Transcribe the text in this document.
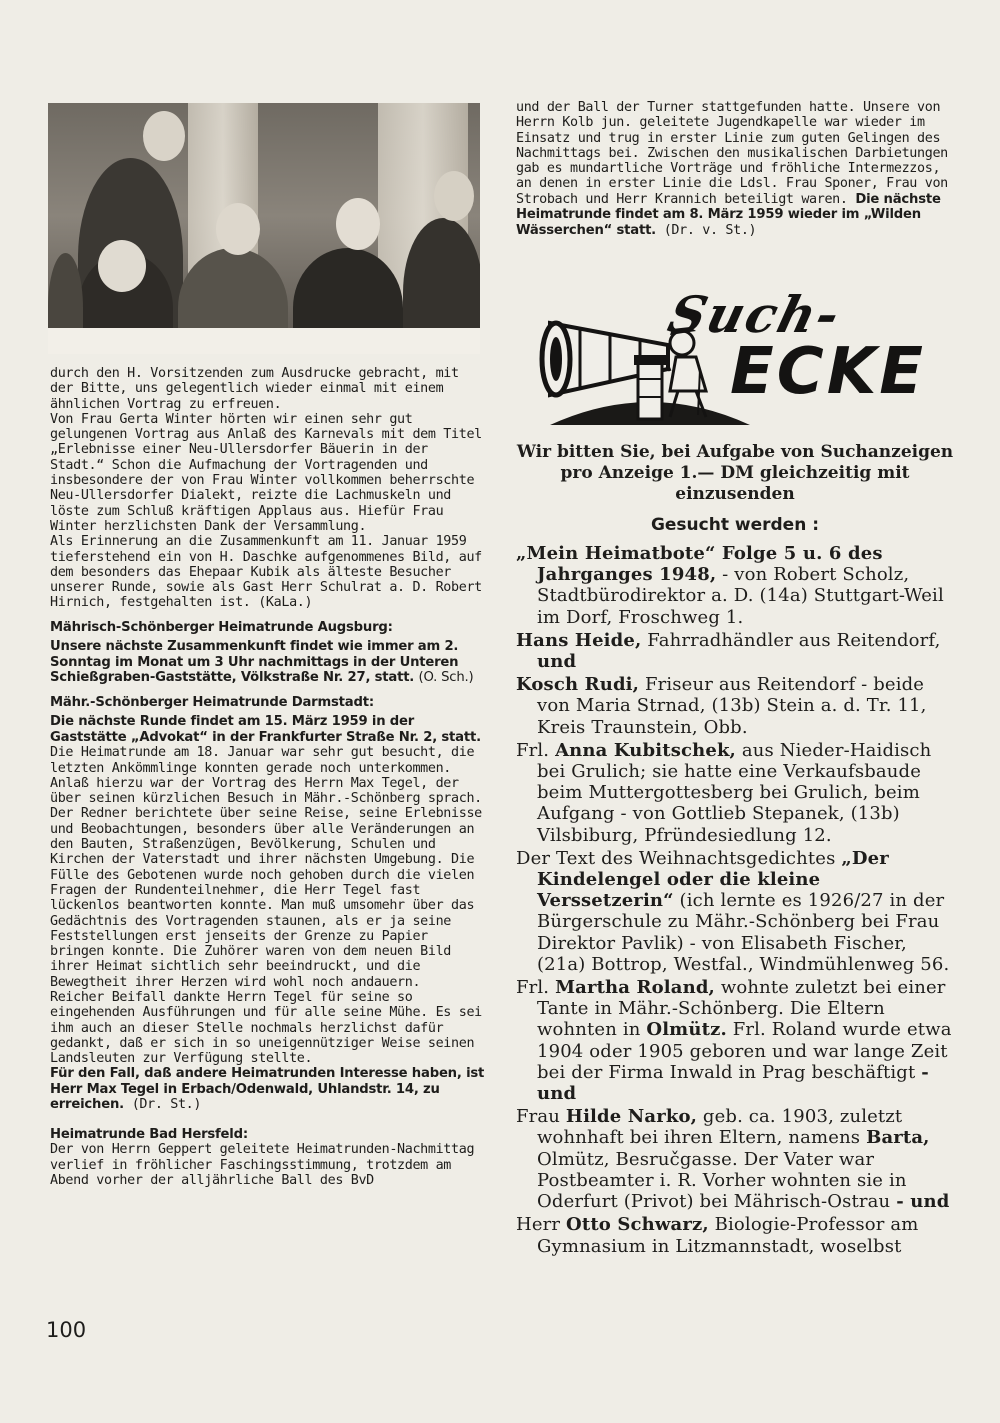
durch den H. Vorsitzenden zum Ausdrucke gebracht, mit der Bitte, uns gelegentlich wieder einmal mit einem ähnlichen Vortrag zu erfreuen.

Von Frau Gerta Winter hörten wir einen sehr gut gelungenen Vortrag aus Anlaß des Karnevals mit dem Titel „Erlebnisse einer Neu-Ullersdorfer Bäuerin in der Stadt.“ Schon die Aufmachung der Vortragenden und insbesondere der von Frau Winter vollkommen beherrschte Neu-Ullersdorfer Dialekt, reizte die Lachmuskeln und löste zum Schluß kräftigen Applaus aus. Hiefür Frau Winter herzlichsten Dank der Versammlung.

Als Erinnerung an die Zusammenkunft am 11. Januar 1959 tieferstehend ein von H. Daschke aufgenommenes Bild, auf dem besonders das Ehepaar Kubik als älteste Besucher unserer Runde, sowie als Gast Herr Schulrat a. D. Robert Hirnich, festgehalten ist. (KaLa.)

Mährisch-Schönberger Heimatrunde Augsburg:

Unsere nächste Zusammenkunft findet wie immer am 2. Sonntag im Monat um 3 Uhr nachmittags in der Unteren Schießgraben-Gaststätte, Völkstraße Nr. 27, statt. (O. Sch.)

Mähr.-Schönberger Heimatrunde Darmstadt:

Die nächste Runde findet am 15. März 1959 in der Gaststätte „Advokat“ in der Frankfurter Straße Nr. 2, statt.

Die Heimatrunde am 18. Januar war sehr gut besucht, die letzten Ankömmlinge konnten gerade noch unterkommen. Anlaß hierzu war der Vortrag des Herrn Max Tegel, der über seinen kürzlichen Besuch in Mähr.-Schönberg sprach. Der Redner berichtete über seine Reise, seine Erlebnisse und Beobachtungen, besonders über alle Veränderungen an den Bauten, Straßenzügen, Bevölkerung, Schulen und Kirchen der Vaterstadt und ihrer nächsten Umgebung. Die Fülle des Gebotenen wurde noch gehoben durch die vielen Fragen der Rundenteilnehmer, die Herr Tegel fast lückenlos beantworten konnte. Man muß umsomehr über das Gedächtnis des Vortragenden staunen, als er ja seine Feststellungen erst jenseits der Grenze zu Papier bringen konnte. Die Zuhörer waren von dem neuen Bild ihrer Heimat sichtlich sehr beeindruckt, und die Bewegtheit ihrer Herzen wird wohl noch andauern.

Reicher Beifall dankte Herrn Tegel für seine so eingehenden Ausführungen und für alle seine Mühe. Es sei ihm auch an dieser Stelle nochmals herzlichst dafür gedankt, daß er sich in so uneigennütziger Weise seinen Landsleuten zur Verfügung stellte.

Für den Fall, daß andere Heimatrunden Interesse haben, ist Herr Max Tegel in Erbach/Odenwald, Uhlandstr. 14, zu erreichen. (Dr. St.)

Heimatrunde Bad Hersfeld:

Der von Herrn Geppert geleitete Heimatrunden-Nachmittag verlief in fröhlicher Faschingsstimmung, trotzdem am Abend vorher der alljährliche Ball des BvD

und der Ball der Turner stattgefunden hatte. Unsere von Herrn Kolb jun. geleitete Jugendkapelle war wieder im Einsatz und trug in erster Linie zum guten Gelingen des Nachmittags bei. Zwischen den musikalischen Darbietungen gab es mundartliche Vorträge und fröhliche Intermezzos, an denen in erster Linie die Ldsl. Frau Sponer, Frau von Strobach und Herr Krannich beteiligt waren. Die nächste Heimatrunde findet am 8. März 1959 wieder im „Wilden Wässerchen“ statt. (Dr. v. St.)

Such-
ECKE

Wir bitten Sie, bei Aufgabe von Suchanzeigen pro Anzeige 1.— DM gleichzeitig mit einzusenden

Gesucht werden :

„Mein Heimatbote“ Folge 5 u. 6 des Jahrganges 1948, - von Robert Scholz, Stadtbürodirektor a. D. (14a) Stuttgart-Weil im Dorf, Froschweg 1.

Hans Heide, Fahrradhändler aus Reitendorf, und

Kosch Rudi, Friseur aus Reitendorf - beide von Maria Strnad, (13b) Stein a. d. Tr. 11, Kreis Traunstein, Obb.

Frl. Anna Kubitschek, aus Nieder-Haidisch bei Grulich; sie hatte eine Verkaufsbaude beim Muttergottesberg bei Grulich, beim Aufgang - von Gottlieb Stepanek, (13b) Vilsbiburg, Pfründesiedlung 12.

Der Text des Weihnachtsgedichtes „Der Kindelengel oder die kleine Verssetzerin“ (ich lernte es 1926/27 in der Bürgerschule zu Mähr.-Schönberg bei Frau Direktor Pavlik) - von Elisabeth Fischer, (21a) Bottrop, Westfal., Windmühlenweg 56.

Frl. Martha Roland, wohnte zuletzt bei einer Tante in Mähr.-Schönberg. Die Eltern wohnten in Olmütz. Frl. Roland wurde etwa 1904 oder 1905 geboren und war lange Zeit bei der Firma Inwald in Prag beschäftigt - und

Frau Hilde Narko, geb. ca. 1903, zuletzt wohnhaft bei ihren Eltern, namens Barta, Olmütz, Besručgasse. Der Vater war Postbeamter i. R. Vorher wohnten sie in Oderfurt (Privot) bei Mährisch-Ostrau - und

Herr Otto Schwarz, Biologie-Professor am Gymnasium in Litzmannstadt, woselbst

100
